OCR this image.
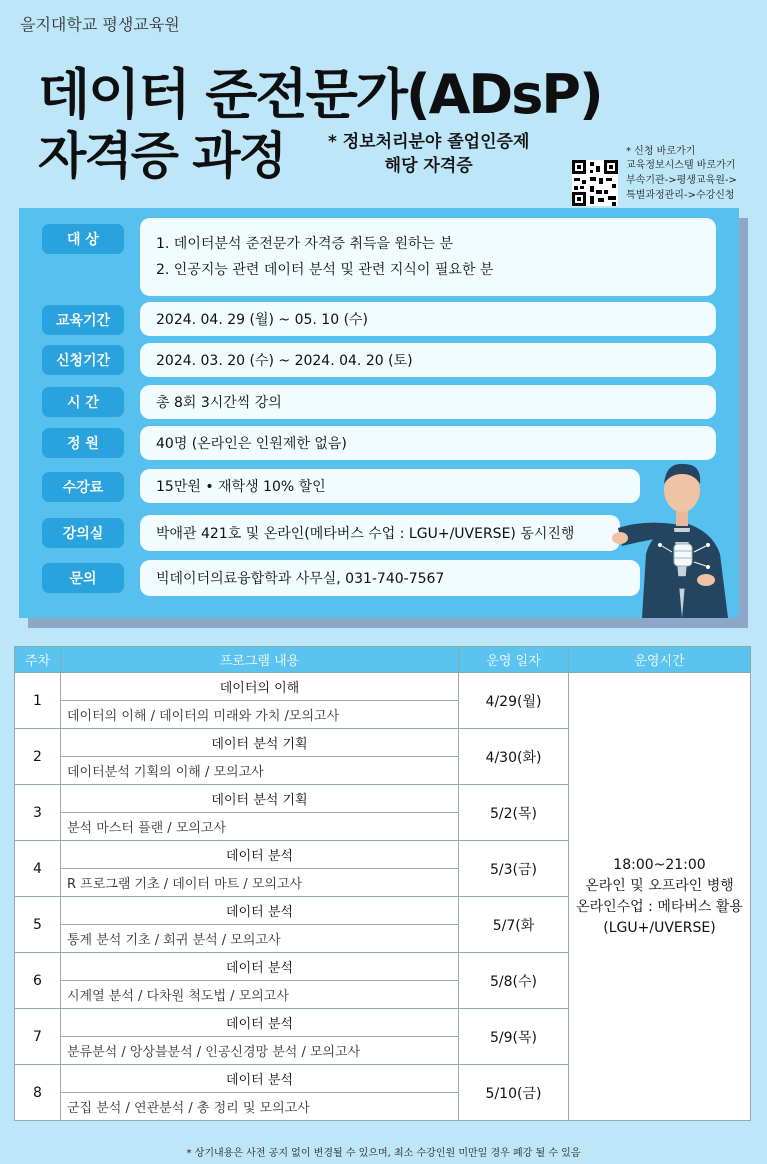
을지대학교 평생교육원
데이터 준전문가(ADsP)
자격증 과정	* 정보처리분야 졸업인증제
해당 자격증
* 신청 바로가기
교육정보시스템 바로가기
부속기관->평생교육원->
특별과정관리->수강신청
대 상	1. 데이터분석 준전문가 자격증 취득을 원하는 분
2. 인공지능 관련 데이터 분석 및 관련 지식이 필요한 분
교육기간	2024. 04. 29 (월) ~ 05. 10 (수)
신청기간	2024. 03. 20 (수) ~ 2024. 04. 20 (토)
시 간	총 8회 3시간씩 강의
정 원	40명 (온라인은 인원제한 없음)
수강료	15만원 • 재학생 10% 할인
강의실	박애관 421호 및 온라인(메타버스 수업 : LGU+/UVERSE) 동시진행
문의	빅데이터의료융합학과 사무실, 031-740-7567
주차	프로그램 내용	운영 일자	운영시간
1	데이터의 이해	4/29(월)	18:00~21:00
온라인 및 오프라인 병행
온라인수업 : 메타버스 활용
(LGU+/UVERSE)

	데이터의 이해 / 데이터의 미래와 가치 /모의고사		
2	데이터 분석 기획	4/30(화)	
	데이터분석 기획의 이해 / 모의고사		
3	데이터 분석 기획	5/2(목)	
	분석 마스터 플랜 / 모의고사		
4	데이터 분석	5/3(금)	
	R 프로그램 기초 / 데이터 마트 / 모의고사		
5	데이터 분석	5/7(화	
	통계 분석 기초 / 회귀 분석 / 모의고사		
6	데이터 분석	5/8(수)	
	시계열 분석 / 다차원 척도법 / 모의고사		
7	데이터 분석	5/9(목)	
	분류분석 / 앙상블분석 / 인공신경망 분석 / 모의고사		
8	데이터 분석	5/10(금)	
	군집 분석 / 연관분석 / 총 정리 및 모의고사		
* 상기내용은 사전 공지 없이 변경될 수 있으며, 최소 수강인원 미만일 경우 폐강 될 수 있음
